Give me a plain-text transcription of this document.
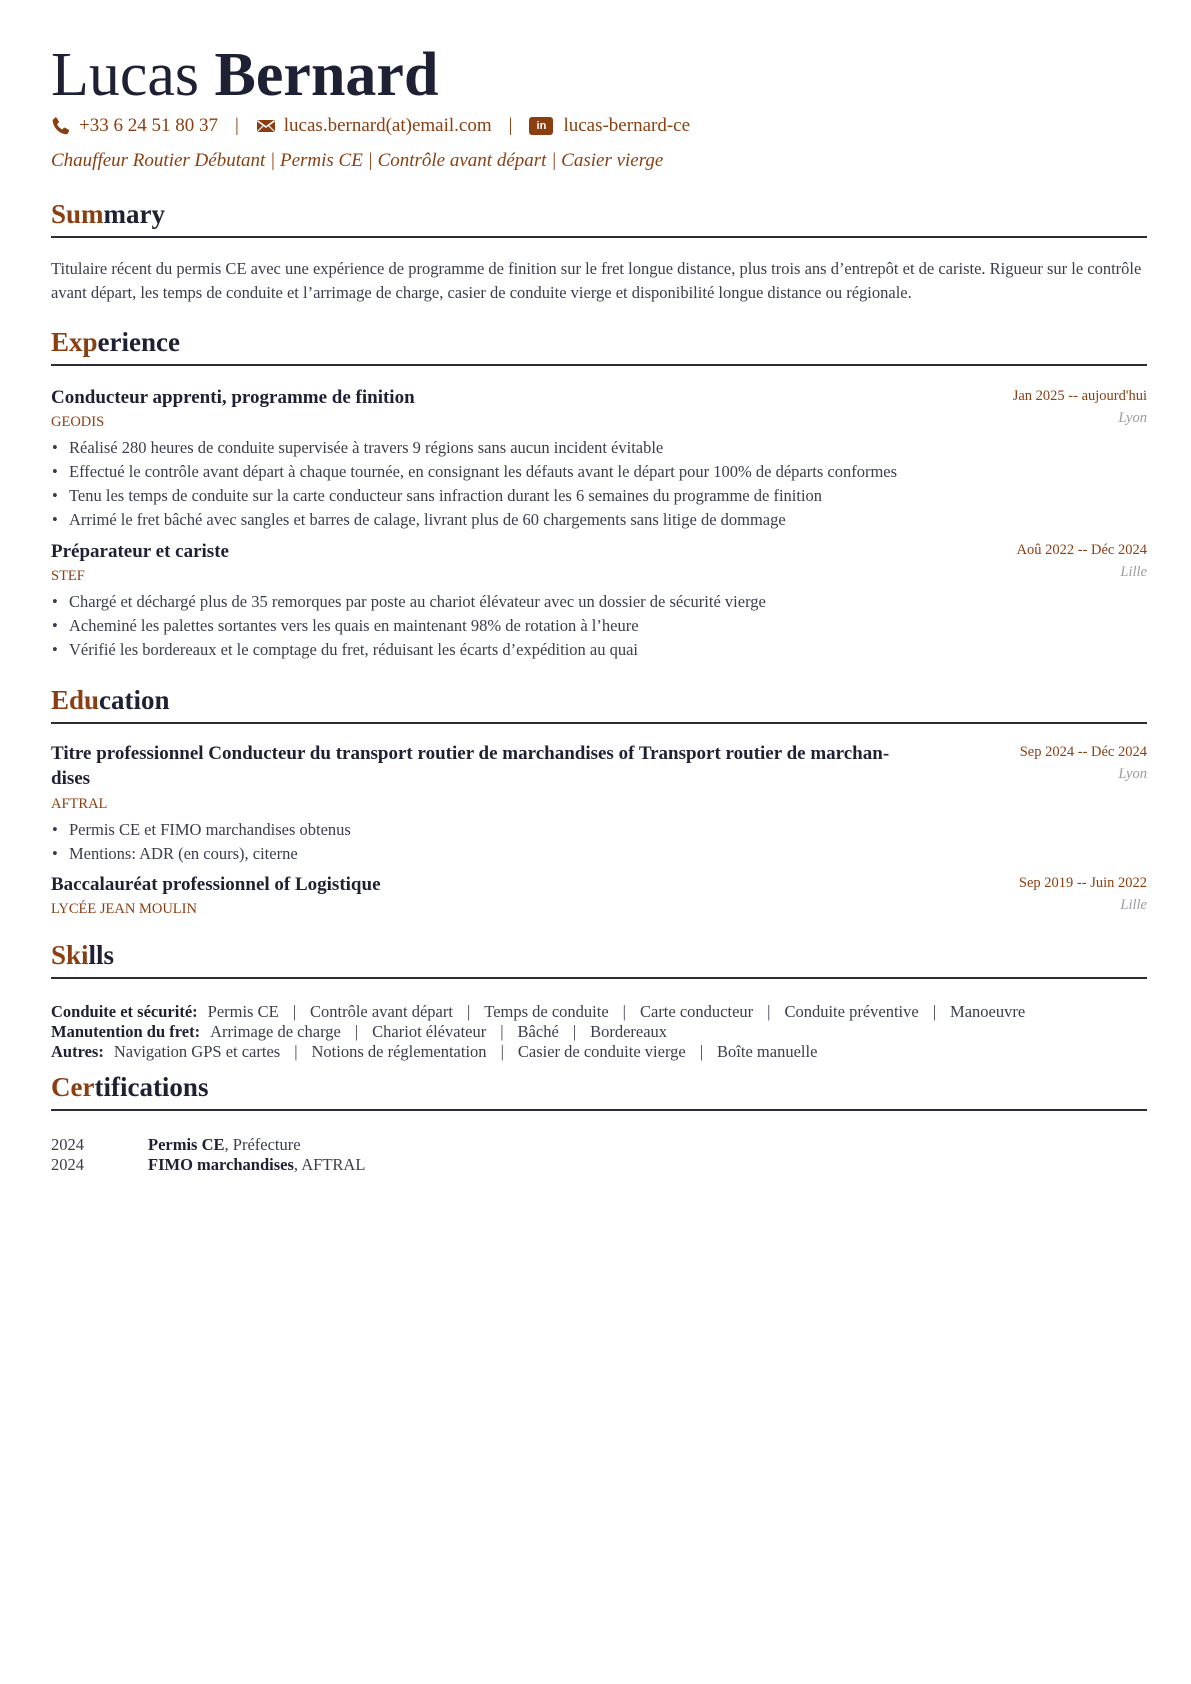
Lucas Bernard
+33 6 24 51 80 37 | lucas.bernard(at)email.com |	in lucas-bernard-ce
Chauffeur Routier Débutant | Permis CE | Contrôle avant départ | Casier vierge
Summary

Titulaire récent du permis CE avec une expérience de programme de finition sur le fret longue distance, plus trois ans d’entrepôt et de cariste. Rigueur sur le contrôle avant départ, les temps de conduite et l’arrimage de charge, casier de conduite vierge et disponibilité longue distance ou régionale.

Experience
Conducteur apprenti, programme de finition	Jan 2025 -- aujourd'hui
Lyon
GEODIS
• Réalisé 280 heures de conduite supervisée à travers 9 régions sans aucun incident évitable
• Effectué le contrôle avant départ à chaque tournée, en consignant les défauts avant le départ pour 100% de départs conformes
• Tenu les temps de conduite sur la carte conducteur sans infraction durant les 6 semaines du programme de finition
• Arrimé le fret bâché avec sangles et barres de calage, livrant plus de 60 chargements sans litige de dommage
Préparateur et cariste	Aoû 2022 -- Déc 2024
Lille
STEF
• Chargé et déchargé plus de 35 remorques par poste au chariot élévateur avec un dossier de sécurité vierge
• Acheminé les palettes sortantes vers les quais en maintenant 98% de rotation à l’heure
• Vérifié les bordereaux et le comptage du fret, réduisant les écarts d’expédition au quai
Education
Titre professionnel Conducteur du transport routier de marchandises of Transport routier de marchan-
dises
Sep 2024 -- Déc 2024
Lyon
AFTRAL
• Permis CE et FIMO marchandises obtenus
• Mentions: ADR (en cours), citerne
Baccalauréat professionnel of Logistique	Sep 2019 -- Juin 2022
Lille
LYCÉE JEAN MOULIN
Skills
Conduite et sécurité: Permis CE | Contrôle avant départ | Temps de conduite | Carte conducteur | Conduite préventive | Manoeuvre
Manutention du fret: Arrimage de charge | Chariot élévateur | Bâché | Bordereaux
Autres: Navigation GPS et cartes | Notions de réglementation | Casier de conduite vierge | Boîte manuelle
Certifications
2024	Permis CE, Préfecture
2024	FIMO marchandises, AFTRAL
